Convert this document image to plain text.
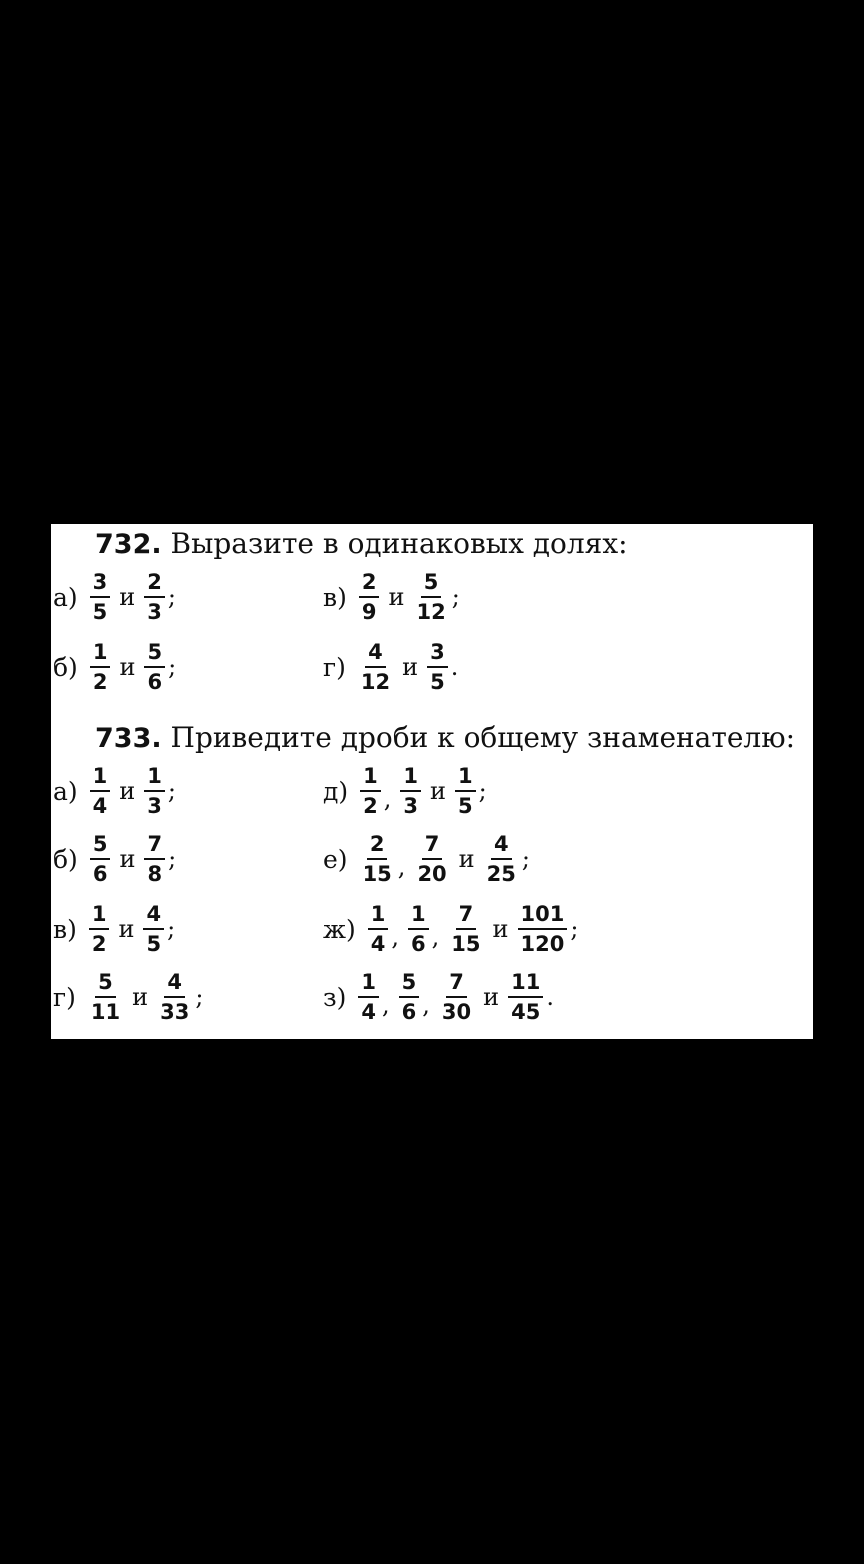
732. Выразите в одинаковых долях:
$а) \frac{3}{5}$ и $\frac{2}{3}$ ;	$в) \frac{2}{9}$ и $\frac{5}{12}$ ;
$б) \frac{1}{2}$ и $\frac{5}{6}$ ;	$г) \frac{4}{12}$ и $\frac{3}{5}$ .
733. Приведите дроби к общему знаменателю:
$а) \frac{1}{4}$ и $\frac{1}{3}$ ;	$д) \frac{1}{2}$ , $\frac{1}{3}$ и $\frac{1}{5}$ ;
$б) \frac{5}{6}$ и $\frac{7}{8}$ ;	$е) \frac{2}{15}$ , $\frac{7}{20}$ и $\frac{4}{25}$ ;
$в) \frac{1}{2}$ и $\frac{4}{5}$ ;	$ж) \frac{1}{4}$ , $\frac{1}{6}$ , $\frac{7}{15}$ и $\frac{101}{120}$ ;
$г) \frac{5}{11}$ и $\frac{4}{33}$ ;	$з) \frac{1}{4}$ , $\frac{5}{6}$ , $\frac{7}{30}$ и $\frac{11}{45}$ .
